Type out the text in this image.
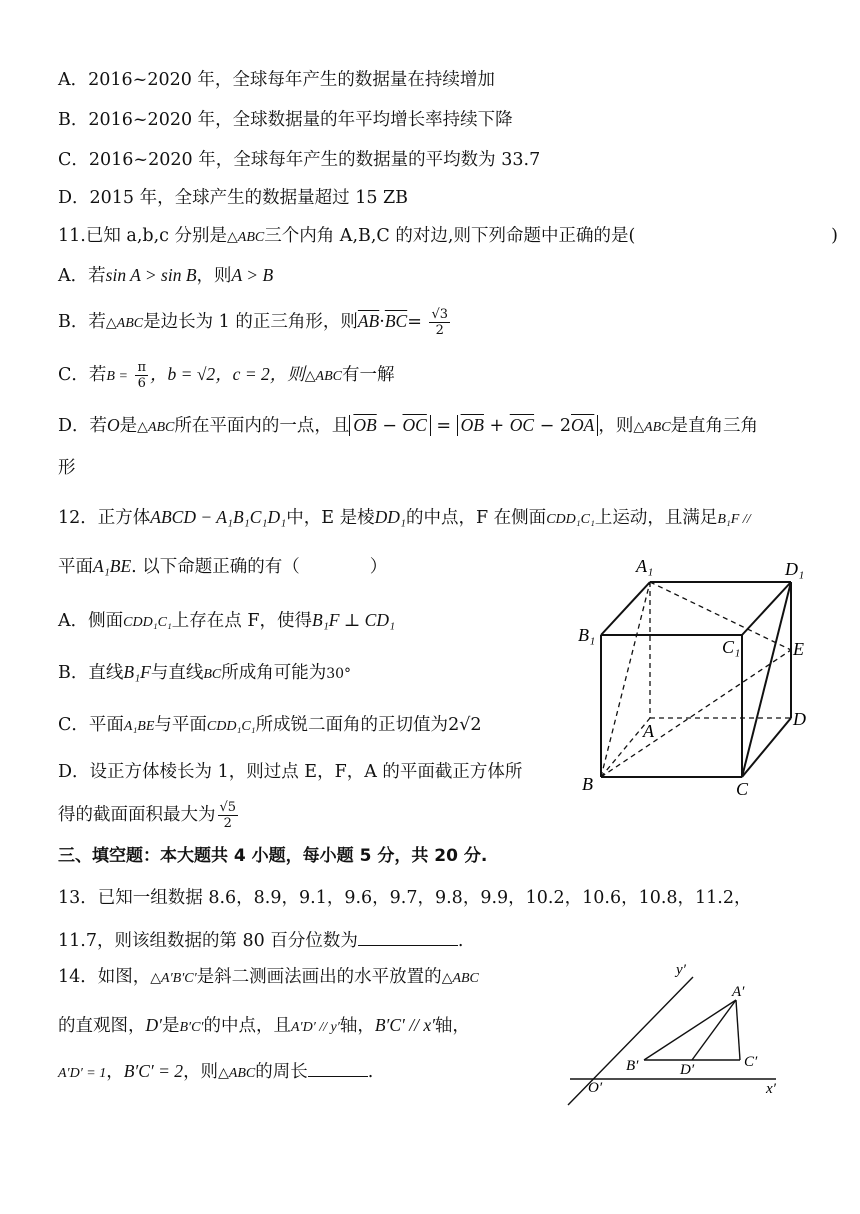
A．2016~2020 年，全球每年产生的数据量在持续增加
B．2016~2020 年，全球数据量的年平均增长率持续下降
C．2016~2020 年，全球每年产生的数据量的平均数为 33.7
D．2015 年，全球产生的数据量超过 15 ZB
11.已知 a,b,c 分别是△ABC三个内角 A,B,C 的对边,则下列命题中正确的是(	)
A．若sin A > sin B，则A > B
B．若△ABC是边长为 1 的正三角形，则$\overline{AB}\cdot\overline{BC}= \frac{√3}{2}$
C．若$B = \frac{\pi}{6}$ ，b = √2，c = 2，则△ABC有一解
D．若O是△ABC所在平面内的一点，且 $\overline{OB} - \overline{OC} = \overline{OB} + \overline{OC} - 2\overline{OA}$ ，则△ABC是直角三角
形
12．正方体ABCD − A₁B₁C₁D₁中，E 是棱DD₁的中点，F 在侧面CDD₁C₁上运动，且满足B₁F //
平面A₁BE. 以下命题正确的有（	）
A．侧面CDD₁C₁上存在点 F，使得B₁F ⊥ CD₁
B．直线B₁F与直线BC所成角可能为30°
C．平面A₁BE与平面CDD₁C₁所成锐二面角的正切值为2√2
D．设正方体棱长为 1，则过点 E，F，A 的平面截正方体所
得的截面面积最大为 $\frac{√5}{2}$
A₁	D₁
B₁
C₁	E
A
D
B	C
三、填空题：本大题共 4 小题，每小题 5 分，共 20 分.
13．已知一组数据 8.6，8.9，9.1，9.6，9.7，9.8，9.9，10.2，10.6，10.8，11.2，
11.7，则该组数据的第 80 百分位数为	.
14．如图，△A′B′C′是斜二测画法画出的水平放置的△ABC
的直观图，D′是B′C′的中点，且A′D′ // y′轴，B′C′ // x′轴，
A′D′ = 1，B′C′ = 2，则△ABC的周长	.
y′
A′
B′	D′	C′
O′	x′
